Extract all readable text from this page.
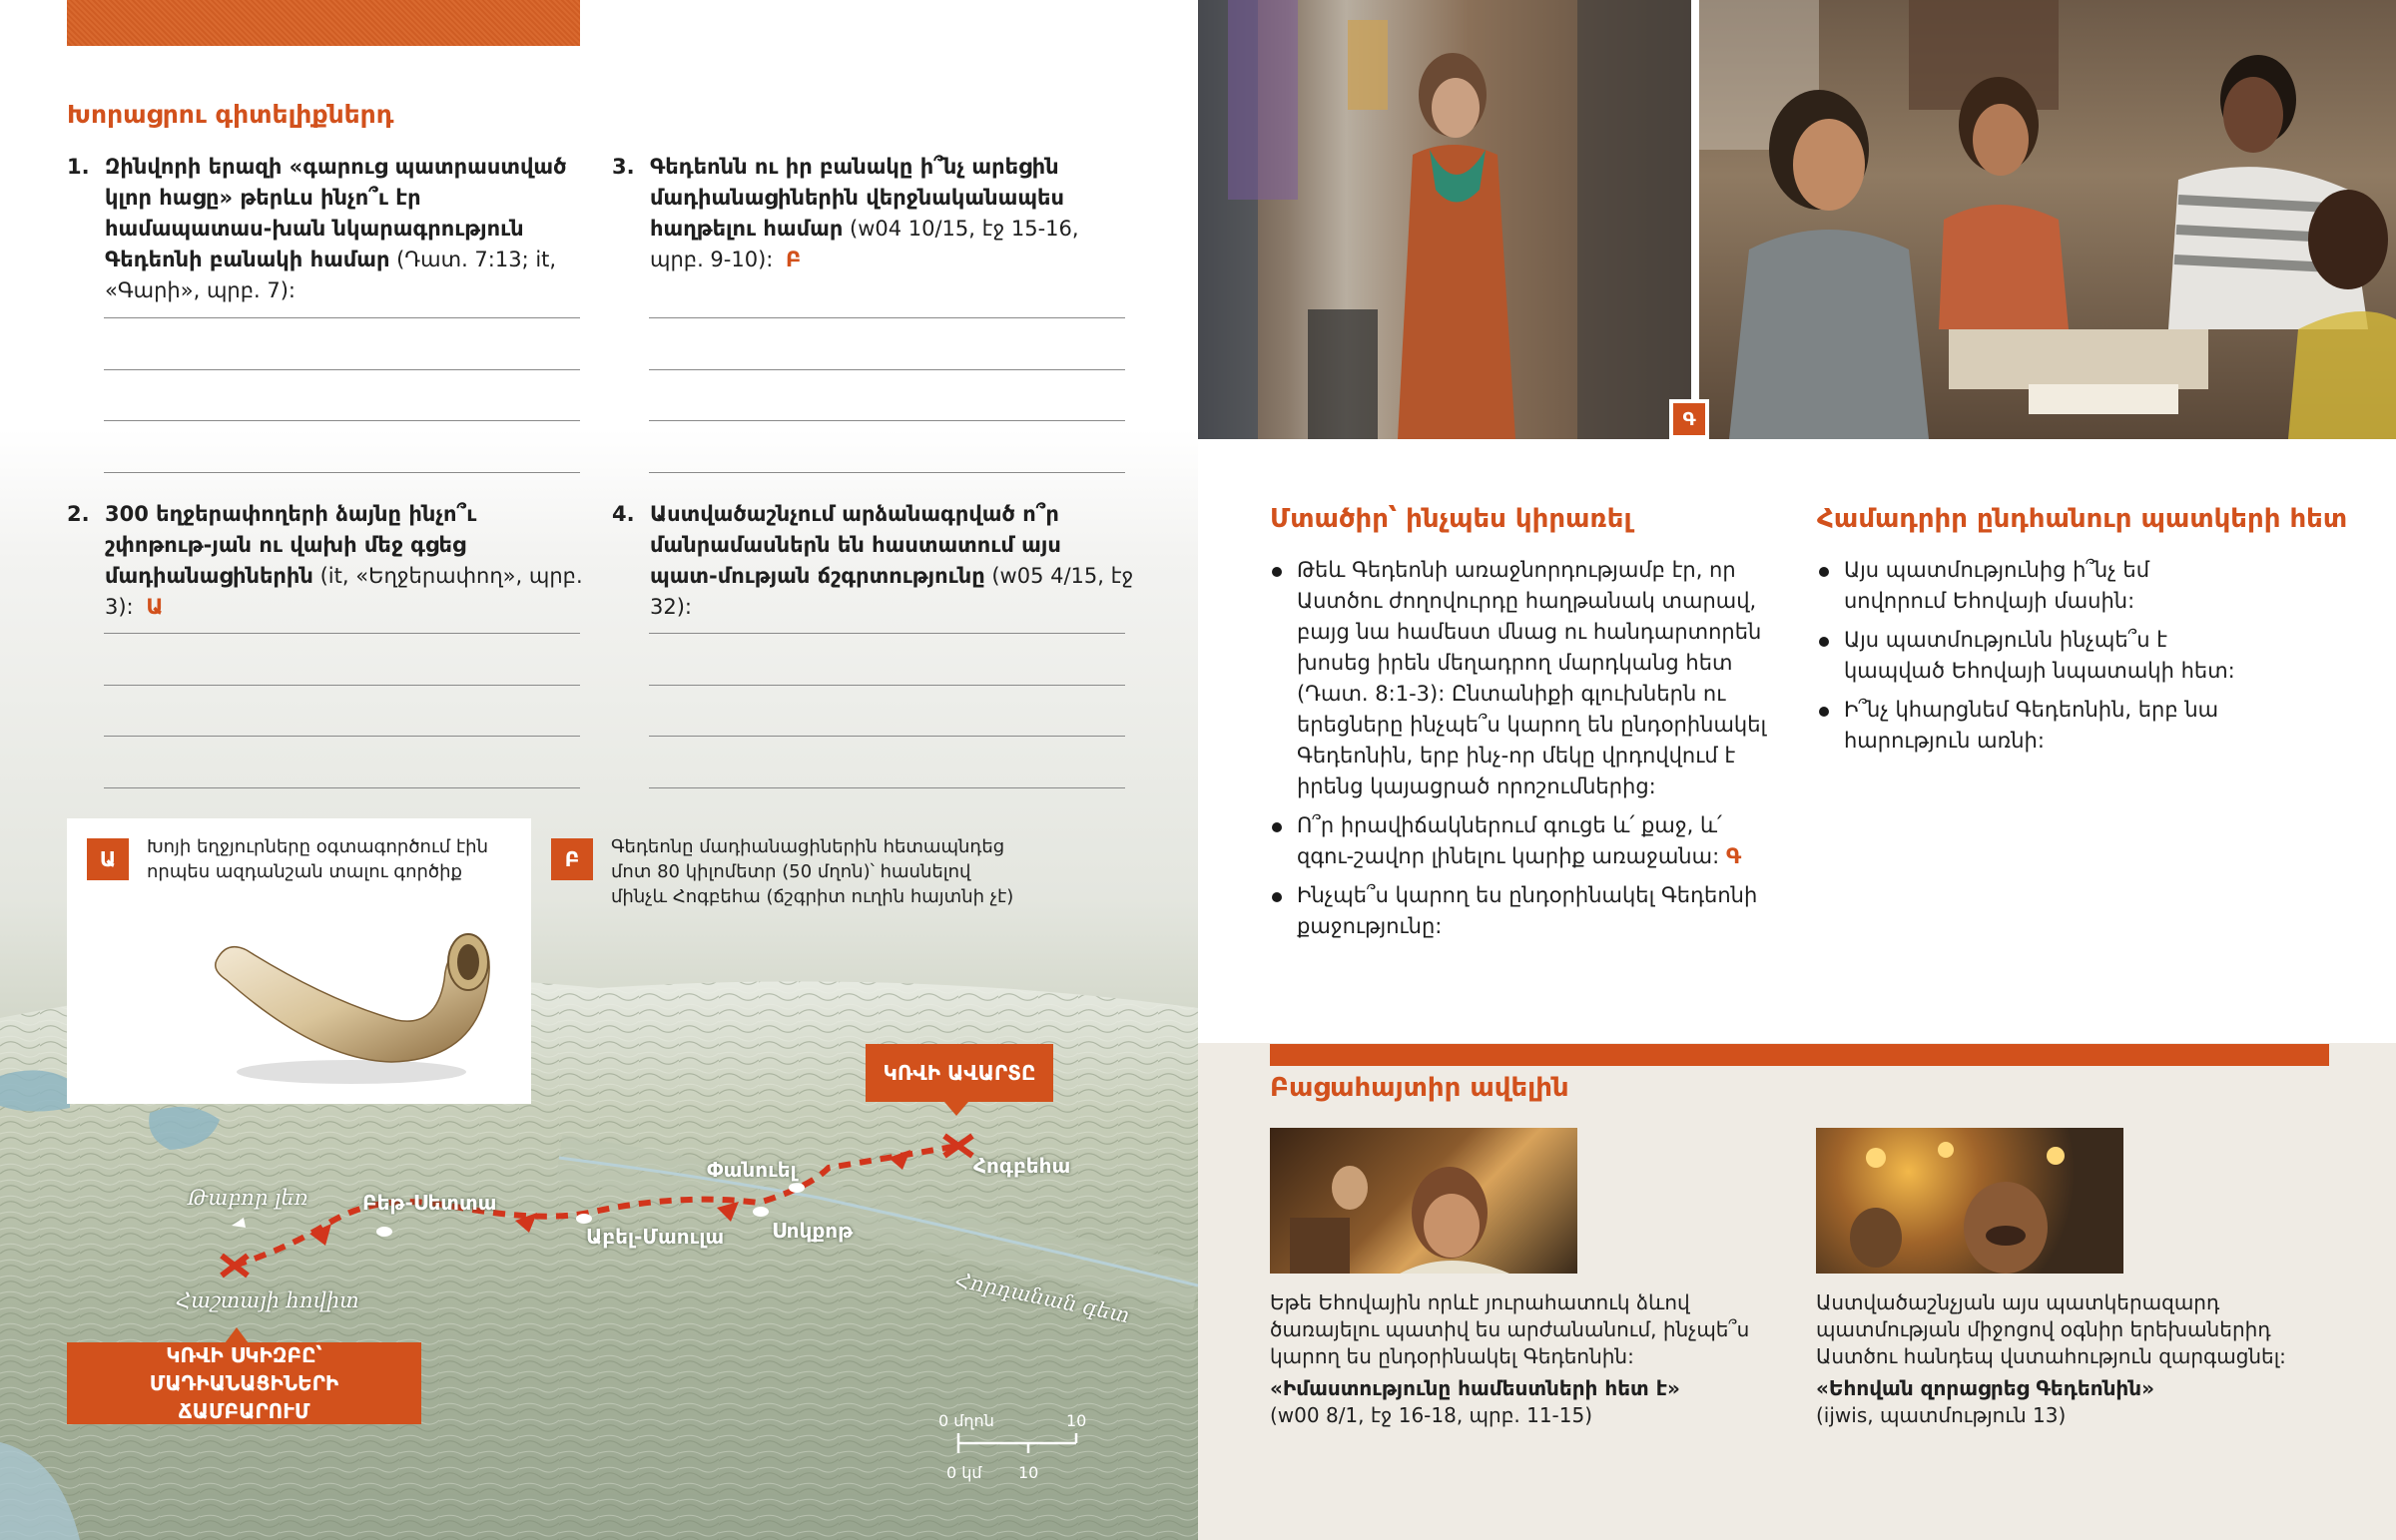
Խորացրու գիտելիքներդ
1. Զինվորի երազի «գարուց պատրաստված կլոր հացը» թերևս ինչո՞ւ էր համապատաս-խան նկարագրություն Գեդեոնի բանակի համար (Դատ. 7:13; it, «Գարի», պրբ. 7):
3. Գեդեոնն ու իր բանակը ի՞նչ արեցին մադիանացիներին վերջնականապես հաղթելու համար (w04 10/15, էջ 15-16, պրբ. 9-10): Բ
2. 300 եղջերափողերի ձայնը ինչո՞ւ շփոթութ-յան ու վախի մեջ գցեց մադիանացիներին (it, «Եղջերափող», պրբ. 3): Ա
4. Աստվածաշնչում արձանագրված ո՞ր մանրամասներն են հաստատում այս պատ-մության ճշգրտությունը (w05 4/15, էջ 32):
Ա
Խոյի եղջյուրները օգտագործում էին որպես ազդանշան տալու գործիք
Բ
Գեդեոնը մադիանացիներին հետապնդեց մոտ 80 կիլոմետր (50 մղոն)՝ հասնելով մինչև Հոգբեհա (ճշգրիտ ուղին հայտնի չէ)
Թաբոր լեռ	Բեթ-Սետտա
Աբել-Մաուլա
Փանուել
Սոկքոթ
Հոգբեհա
Հաշտայի հովիտ	Հորդանան գետ
ԿՌՎԻ ԱՎԱՐՏԸ
ԿՌՎԻ ՍԿԻԶԲԸ՝ ՄԱԴԻԱՆԱՑԻՆԵՐԻ ՃԱՄԲԱՐՈՒՄ	0 մղոն	10
0 կմ 10
Գ
Մտածիր՝ ինչպես կիրառել
Թեև Գեդեոնի առաջնորդությամբ էր, որ Աստծու ժողովուրդը հաղթանակ տարավ, բայց նա համեստ մնաց ու հանդարտորեն խոսեց իրեն մեղադրող մարդկանց հետ (Դատ. 8:1-3): Ընտանիքի գլուխներն ու երեցները ինչպե՞ս կարող են ընդօրինակել Գեդեոնին, երբ ինչ-որ մեկը վրդովվում է իրենց կայացրած որոշումներից:
Ո՞ր իրավիճակներում գուցե և՛ քաջ, և՛ զգու-շավոր լինելու կարիք առաջանա: Գ
Ինչպե՞ս կարող ես ընդօրինակել Գեդեոնի քաջությունը:
Համադրիր ընդհանուր պատկերի հետ
Այս պատմությունից ի՞նչ եմ սովորում Եհովայի մասին:
Այս պատմությունն ինչպե՞ս է կապված Եհովայի նպատակի հետ:
Ի՞նչ կհարցնեմ Գեդեոնին, երբ նա հարություն առնի:
Բացահայտիր ավելին
Եթե Եհովային որևէ յուրահատուկ ձևով ծառայելու պատիվ ես արժանանում, ինչպե՞ս կարող ես ընդօրինակել Գեդեոնին:
«Իմաստությունը համեստների հետ է»
(w00 8/1, էջ 16-18, պրբ. 11-15)
Աստվածաշնչյան այս պատկերազարդ պատմության միջոցով օգնիր երեխաներիդ Աստծու հանդեպ վստահություն զարգացնել:
«Եհովան զորացրեց Գեդեոնին»
(ijwis, պատմություն 13)
